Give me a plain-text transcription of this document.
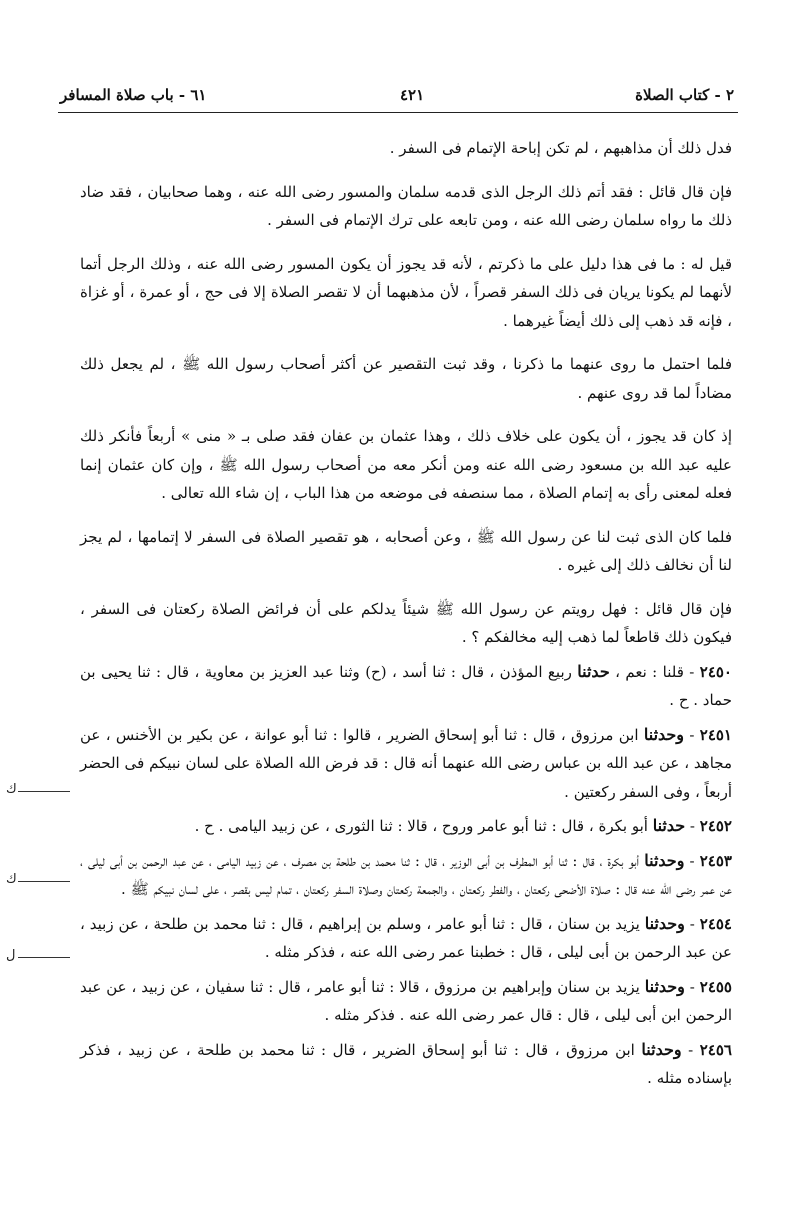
٦١ - باب صلاة المسافر	٤٢١	٢ - كتاب الصلاة

فدل ذلك أن مذاهبهم ، لم تكن إباحة الإتمام فى السفر .

فإن قال قائل : فقد أتم ذلك الرجل الذى قدمه سلمان والمسور رضى الله عنه ، وهما صحابيان ، فقد ضاد ذلك ما رواه سلمان رضى الله عنه ، ومن تابعه على ترك الإتمام فى السفر .

قيل له : ما فى هذا دليل على ما ذكرتم ، لأنه قد يجوز أن يكون المسور رضى الله عنه ، وذلك الرجل أتما لأنهما لم يكونا يريان فى ذلك السفر قصراً ، لأن مذهبهما أن لا تقصر الصلاة إلا فى حج ، أو عمرة ، أو غزاة ، فإنه قد ذهب إلى ذلك أيضاً غيرهما .

فلما احتمل ما روى عنهما ما ذكرنا ، وقد ثبت التقصير عن أكثر أصحاب رسول الله ﷺ ، لم يجعل ذلك مضاداً لما قد روى عنهم .

إذ كان قد يجوز ، أن يكون على خلاف ذلك ، وهذا عثمان بن عفان فقد صلى بـ « منى » أربعاً فأنكر ذلك عليه عبد الله بن مسعود رضى الله عنه ومن أنكر معه من أصحاب رسول الله ﷺ ، وإن كان عثمان إنما فعله لمعنى رأى به إتمام الصلاة ، مما سنصفه فى موضعه من هذا الباب ، إن شاء الله تعالى .

فلما كان الذى ثبت لنا عن رسول الله ﷺ ، وعن أصحابه ، هو تقصير الصلاة فى السفر لا إتمامها ، لم يجز لنا أن نخالف ذلك إلى غيره .

فإن قال قائل : فهل رويتم عن رسول الله ﷺ شيئاً يدلكم على أن فرائض الصلاة ركعتان فى السفر ، فيكون ذلك قاطعاً لما ذهب إليه مخالفكم ؟ .

٢٤٥٠ - قلنا : نعم ، حدثنا ربيع المؤذن ، قال : ثنا أسد ، (ح) وثنا عبد العزيز بن معاوية ، قال : ثنا يحيى بن حماد . ح .

٢٤٥١ - وحدثنا ابن مرزوق ، قال : ثنا أبو إسحاق الضرير ، قالوا : ثنا أبو عوانة ، عن بكير بن الأخنس ، عن مجاهد ، عن عبد الله بن عباس رضى الله عنهما أنه قال : قد فرض الله الصلاة على لسان نبيكم فى الحضر أربعاً ، وفى السفر ركعتين .

٢٤٥٢ - حدثنا أبو بكرة ، قال : ثنا أبو عامر وروح ، قالا : ثنا الثورى ، عن زبيد اليامى . ح .

٢٤٥٣ - وحدثنا أبو بكرة ، قال : ثنا أبو المطرف بن أبى الوزير ، قال : ثنا محمد بن طلحة بن مصرف ، عن زبيد اليامى ، عن عبد الرحمن بن أبى ليلى ، عن عمر رضى الله عنه قال : صلاة الأضحى ركعتان ، والفطر ركعتان ، والجمعة ركعتان وصلاة السفر ركعتان ، تمام ليس بقصر ، على لسان نبيكم ﷺ .

٢٤٥٤ - وحدثنا يزيد بن سنان ، قال : ثنا أبو عامر ، وسلم بن إبراهيم ، قال : ثنا محمد بن طلحة ، عن زبيد ، عن عبد الرحمن بن أبى ليلى ، قال : خطبنا عمر رضى الله عنه ، فذكر مثله .

٢٤٥٥ - وحدثنا يزيد بن سنان وإبراهيم بن مرزوق ، قالا : ثنا أبو عامر ، قال : ثنا سفيان ، عن زبيد ، عن عبد الرحمن ابن أبى ليلى ، قال : قال عمر رضى الله عنه . فذكر مثله .

٢٤٥٦ - وحدثنا ابن مرزوق ، قال : ثنا أبو إسحاق الضرير ، قال : ثنا محمد بن طلحة ، عن زبيد ، فذكر بإسناده مثله .

ك
ك
ل
